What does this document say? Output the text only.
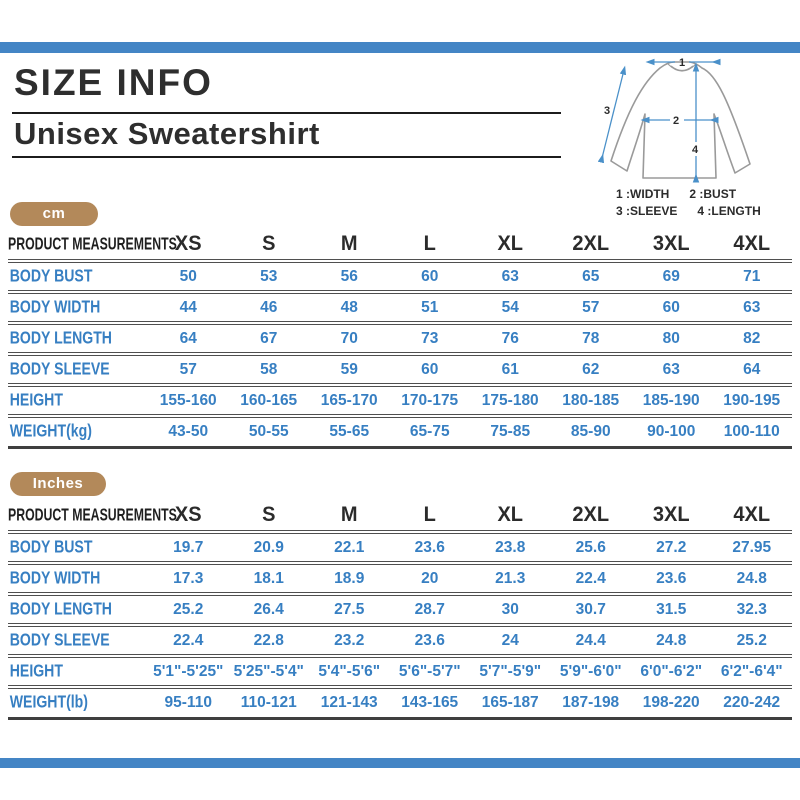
SIZE INFO
Unisex Sweatershirt
1
2
4
3
1 :WIDTH 2 :BUST
3 :SLEEVE 4 :LENGTH
cm
PRODUCT MEASUREMENTS	XS	S	M	L	XL	2XL	3XL	4XL
BODY BUST	50	53	56	60	63	65	69	71
BODY WIDTH	44	46	48	51	54	57	60	63
BODY LENGTH	64	67	70	73	76	78	80	82
BODY SLEEVE	57	58	59	60	61	62	63	64
HEIGHT	155-160	160-165	165-170	170-175	175-180	180-185	185-190	190-195
WEIGHT(kg)	43-50	50-55	55-65	65-75	75-85	85-90	90-100	100-110
Inches
PRODUCT MEASUREMENTS	XS	S	M	L	XL	2XL	3XL	4XL
BODY BUST	19.7	20.9	22.1	23.6	23.8	25.6	27.2	27.95
BODY WIDTH	17.3	18.1	18.9	20	21.3	22.4	23.6	24.8
BODY LENGTH	25.2	26.4	27.5	28.7	30	30.7	31.5	32.3
BODY SLEEVE	22.4	22.8	23.2	23.6	24	24.4	24.8	25.2
HEIGHT	5'1"-5'25"	5'25"-5'4"	5'4"-5'6"	5'6"-5'7"	5'7"-5'9"	5'9"-6'0"	6'0"-6'2"	6'2"-6'4"
WEIGHT(lb)	95-110	110-121	121-143	143-165	165-187	187-198	198-220	220-242
